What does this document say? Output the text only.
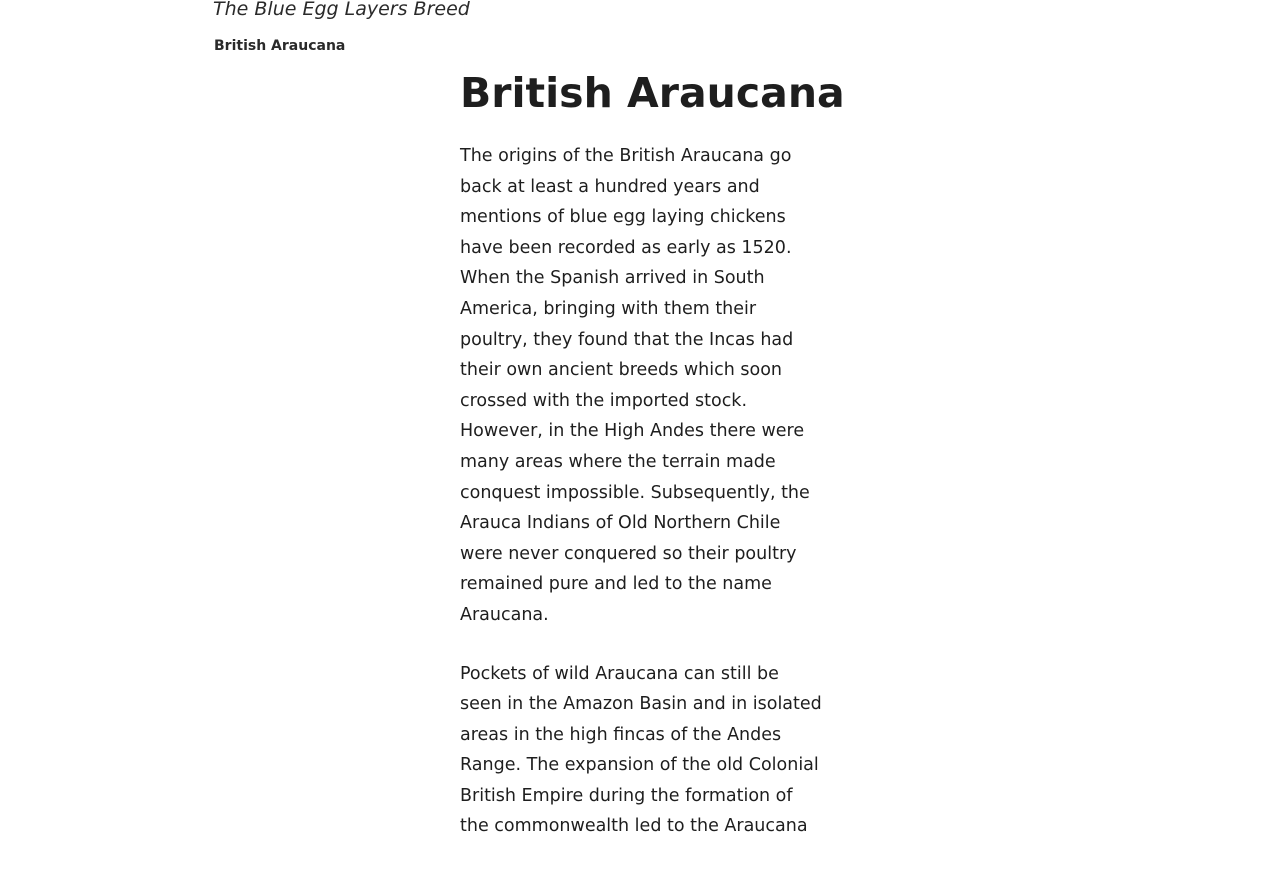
The Blue Egg Layers Breed

British Araucana
British Araucana

The origins of the British Araucana go back at least a hundred years and mentions of blue egg laying chickens have been recorded as early as 1520. When the Spanish arrived in South America, bringing with them their poultry, they found that the Incas had their own ancient breeds which soon crossed with the imported stock. However, in the High Andes there were many areas where the terrain made conquest impossible. Subsequently, the Arauca Indians of Old Northern Chile were never conquered so their poultry remained pure and led to the name Araucana.

Pockets of wild Araucana can still be seen in the Amazon Basin and in isolated areas in the high fincas of the Andes Range. The expansion of the old Colonial British Empire during the formation of the commonwealth led to the Araucana
